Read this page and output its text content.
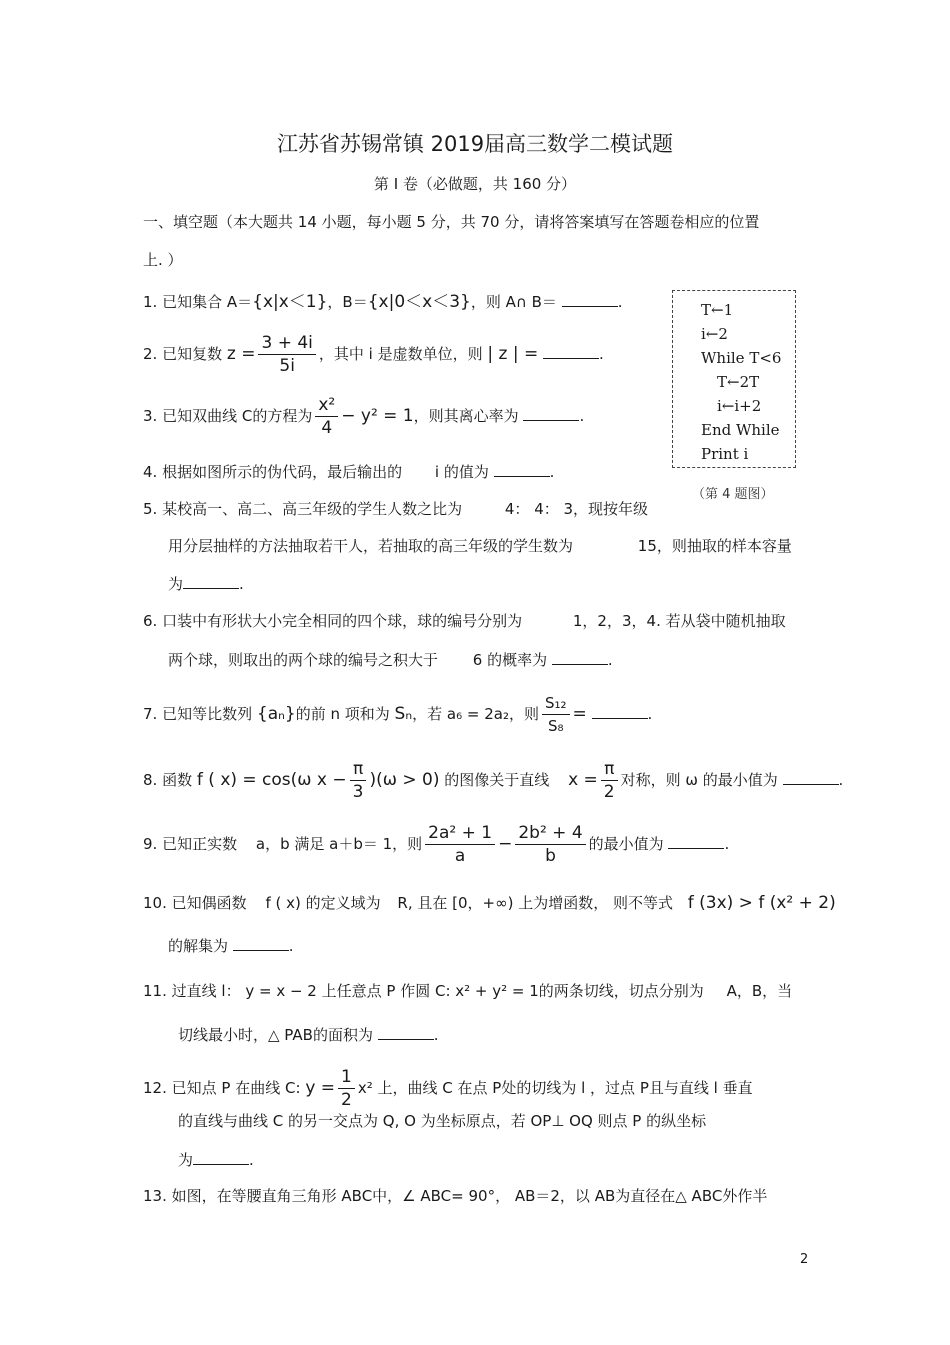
江苏省苏锡常镇 2019届高三数学二模试题
第 I 卷（必做题，共 160 分）
一、填空题（本大题共 14 小题，每小题 5 分，共 70 分，请将答案填写在答题卷相应的位置
上. ）
1. 已知集合 A＝{x|x＜1}，B＝{x|0＜x＜3}，则 A∩ B＝	.
2. 已知复数 $z = \frac{3 + 4i}{5i}$ ，其中 i 是虚数单位，则 | z | =	.
3. 已知双曲线 C的方程为 $\frac{\text{x²}}{4} - y^2 = 1$，则其离心率为	.
4. 根据如图所示的伪代码，最后输出的 i 的值为	.
5. 某校高一、高二、高三年级的学生人数之比为	4： 4： 3，现按年级
用分层抽样的方法抽取若干人，若抽取的高三年级的学生数为	15，则抽取的样本容量
为	.
6. 口装中有形状大小完全相同的四个球，球的编号分别为	1，2，3，4. 若从袋中随机抽取
两个球，则取出的两个球的编号之积大于 6 的概率为	.
7. 已知等比数列 {aₙ}的前 n 项和为 Sₙ，若 a₆ = 2a₂，则 $\frac{\text{S₁₂}}{\text{S₈}}$ =	.
8. 函数 f ( x) = cos(ω $x - \frac{\pi}{3} )(\omega > 0)$ 的图像关于直线 $x = \frac{\pi}{2}$ 对称，则 ω 的最小值为	.
9. 已知正实数 a，b 满足 a＋b＝ 1，则 $\frac{\text{2a² + 1}}{a} - \frac{\text{2b² + 4}}{b}$ 的最小值为	.
10. 已知偶函数 f ( x) 的定义域为 R, 且在 [0，+∞) 上为增函数， 则不等式 f (3x) > f (x² + 2)
的解集为	.
11. 过直线 l： y = x − 2 上任意点 P 作圆 C: x² + y² = 1的两条切线，切点分别为 A，B，当
切线最小时，△ PAB的面积为	.
12. 已知点 P 在曲线 C: $y = \frac{1}{2} x^2$ 上，曲线 C 在点 P处的切线为 l ，过点 P且与直线 l 垂直
的直线与曲线 C 的另一交点为 Q, O 为坐标原点，若 OP⊥ OQ 则点 P 的纵坐标
为	.
13. 如图，在等腰直角三角形 ABC中，∠ ABC= 90°， AB＝2，以 AB为直径在△ ABC外作半
T←1
i←2
While T<6
T←2T
i←i+2
End While
Print i
（第 4 题图）
2
